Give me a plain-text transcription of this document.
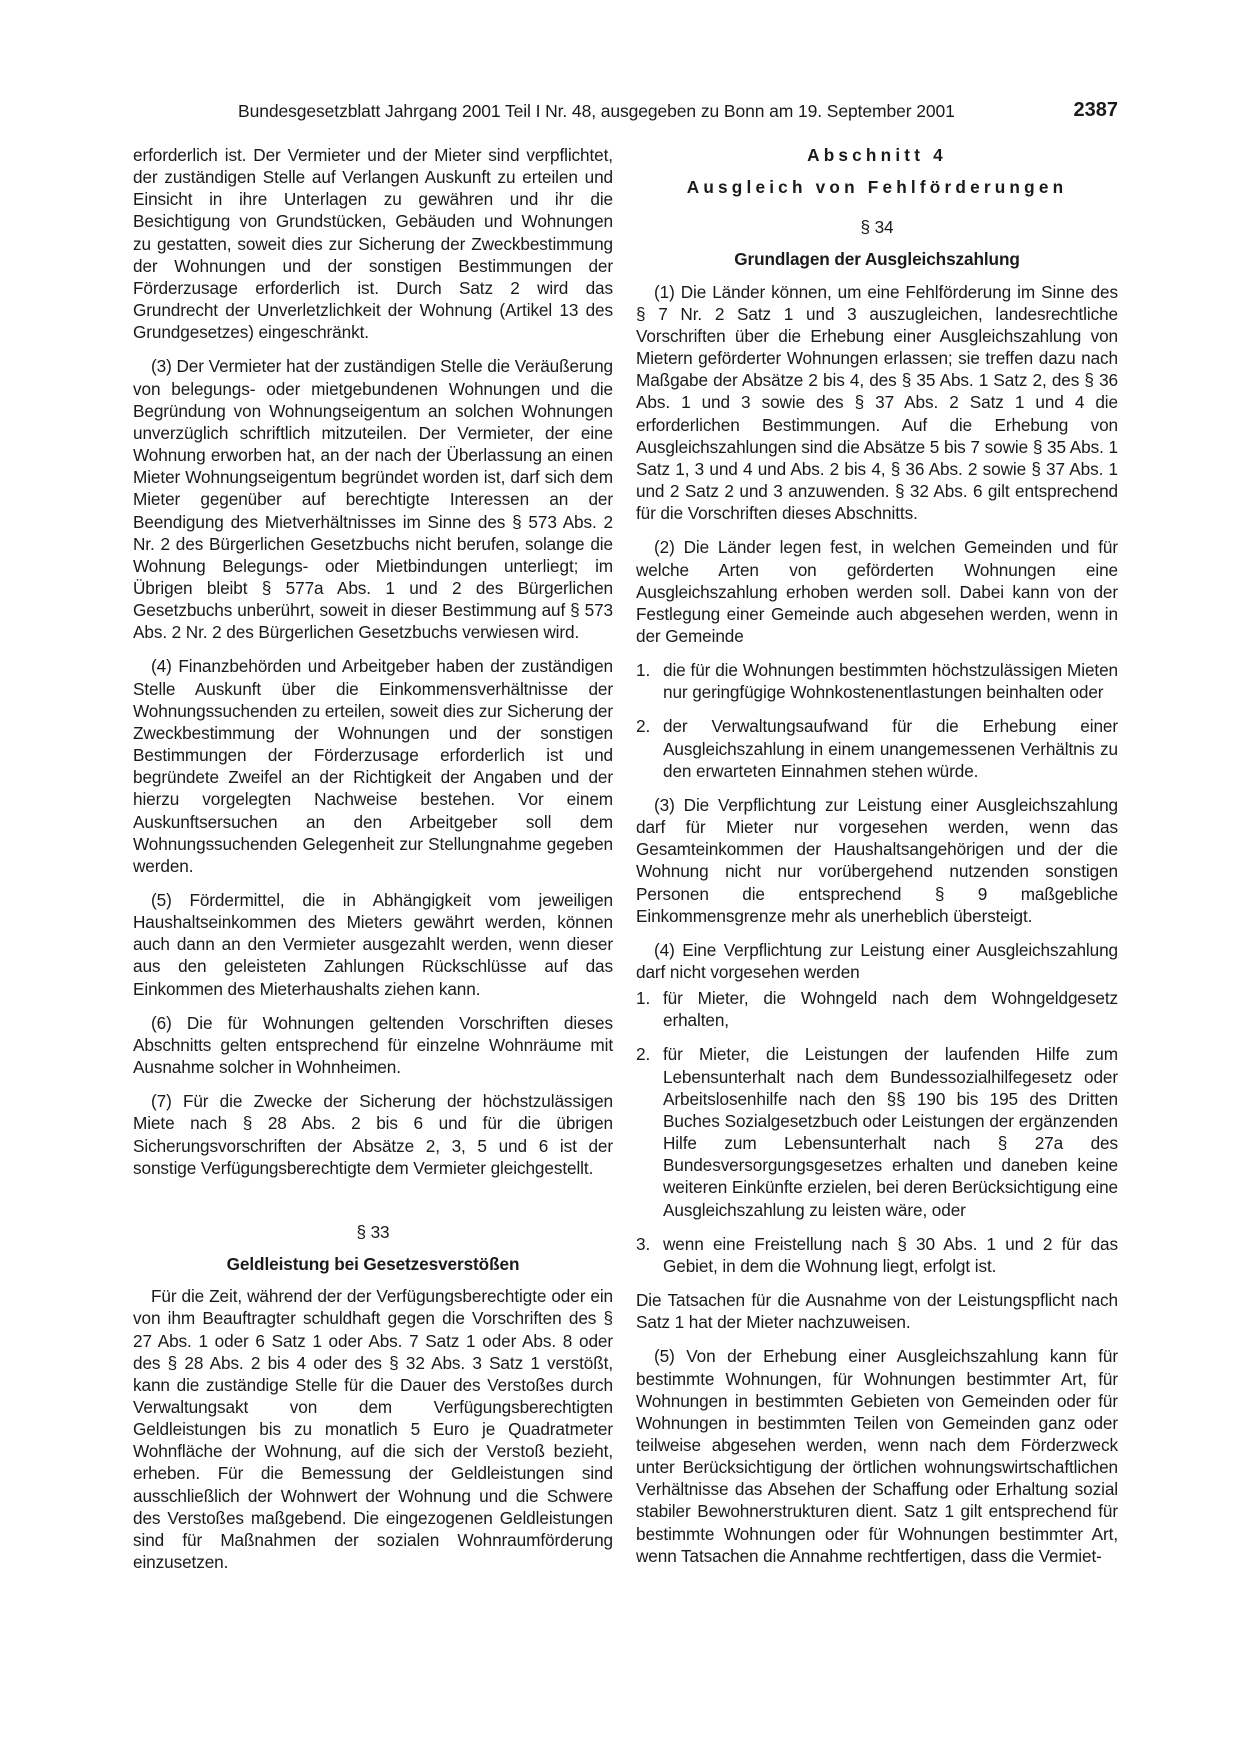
Bundesgesetzblatt Jahrgang 2001 Teil I Nr. 48, ausgegeben zu Bonn am 19. September 2001	2387

erforderlich ist. Der Vermieter und der Mieter sind verpflichtet, der zuständigen Stelle auf Verlangen Auskunft zu erteilen und Einsicht in ihre Unterlagen zu gewähren und ihr die Besichtigung von Grundstücken, Gebäuden und Wohnungen zu gestatten, soweit dies zur Sicherung der Zweckbestimmung der Wohnungen und der sonstigen Bestimmungen der Förderzusage erforderlich ist. Durch Satz 2 wird das Grundrecht der Unverletzlichkeit der Wohnung (Artikel 13 des Grundgesetzes) eingeschränkt.

(3) Der Vermieter hat der zuständigen Stelle die Veräußerung von belegungs- oder mietgebundenen Wohnungen und die Begründung von Wohnungseigentum an solchen Wohnungen unverzüglich schriftlich mitzuteilen. Der Vermieter, der eine Wohnung erworben hat, an der nach der Überlassung an einen Mieter Wohnungseigentum begründet worden ist, darf sich dem Mieter gegenüber auf berechtigte Interessen an der Beendigung des Mietverhältnisses im Sinne des § 573 Abs. 2 Nr. 2 des Bürgerlichen Gesetzbuchs nicht berufen, solange die Wohnung Belegungs- oder Mietbindungen unterliegt; im Übrigen bleibt § 577a Abs. 1 und 2 des Bürgerlichen Gesetzbuchs unberührt, soweit in dieser Bestimmung auf § 573 Abs. 2 Nr. 2 des Bürgerlichen Gesetzbuchs verwiesen wird.

(4) Finanzbehörden und Arbeitgeber haben der zuständigen Stelle Auskunft über die Einkommensverhältnisse der Wohnungssuchenden zu erteilen, soweit dies zur Sicherung der Zweckbestimmung der Wohnungen und der sonstigen Bestimmungen der Förderzusage erforderlich ist und begründete Zweifel an der Richtigkeit der Angaben und der hierzu vorgelegten Nachweise bestehen. Vor einem Auskunftsersuchen an den Arbeitgeber soll dem Wohnungssuchenden Gelegenheit zur Stellungnahme gegeben werden.

(5) Fördermittel, die in Abhängigkeit vom jeweiligen Haushaltseinkommen des Mieters gewährt werden, können auch dann an den Vermieter ausgezahlt werden, wenn dieser aus den geleisteten Zahlungen Rückschlüsse auf das Einkommen des Mieterhaushalts ziehen kann.

(6) Die für Wohnungen geltenden Vorschriften dieses Abschnitts gelten entsprechend für einzelne Wohnräume mit Ausnahme solcher in Wohnheimen.

(7) Für die Zwecke der Sicherung der höchstzulässigen Miete nach § 28 Abs. 2 bis 6 und für die übrigen Sicherungsvorschriften der Absätze 2, 3, 5 und 6 ist der sonstige Verfügungsberechtigte dem Vermieter gleichgestellt.

§ 33

Geldleistung bei Gesetzesverstößen

Für die Zeit, während der der Verfügungsberechtigte oder ein von ihm Beauftragter schuldhaft gegen die Vorschriften des § 27 Abs. 1 oder 6 Satz 1 oder Abs. 7 Satz 1 oder Abs. 8 oder des § 28 Abs. 2 bis 4 oder des § 32 Abs. 3 Satz 1 verstößt, kann die zuständige Stelle für die Dauer des Verstoßes durch Verwaltungsakt von dem Verfügungsberechtigten Geldleistungen bis zu monatlich 5 Euro je Quadratmeter Wohnfläche der Wohnung, auf die sich der Verstoß bezieht, erheben. Für die Bemessung der Geldleistungen sind ausschließlich der Wohnwert der Wohnung und die Schwere des Verstoßes maßgebend. Die eingezogenen Geldleistungen sind für Maßnahmen der sozialen Wohnraumförderung einzusetzen.

Abschnitt 4

Ausgleich von Fehlförderungen

§ 34

Grundlagen der Ausgleichszahlung

(1) Die Länder können, um eine Fehlförderung im Sinne des § 7 Nr. 2 Satz 1 und 3 auszugleichen, landesrechtliche Vorschriften über die Erhebung einer Ausgleichszahlung von Mietern geförderter Wohnungen erlassen; sie treffen dazu nach Maßgabe der Absätze 2 bis 4, des § 35 Abs. 1 Satz 2, des § 36 Abs. 1 und 3 sowie des § 37 Abs. 2 Satz 1 und 4 die erforderlichen Bestimmungen. Auf die Erhebung von Ausgleichszahlungen sind die Absätze 5 bis 7 sowie § 35 Abs. 1 Satz 1, 3 und 4 und Abs. 2 bis 4, § 36 Abs. 2 sowie § 37 Abs. 1 und 2 Satz 2 und 3 anzuwenden. § 32 Abs. 6 gilt entsprechend für die Vorschriften dieses Abschnitts.

(2) Die Länder legen fest, in welchen Gemeinden und für welche Arten von geförderten Wohnungen eine Ausgleichszahlung erhoben werden soll. Dabei kann von der Festlegung einer Gemeinde auch abgesehen werden, wenn in der Gemeinde

1. die für die Wohnungen bestimmten höchstzulässigen Mieten nur geringfügige Wohnkostenentlastungen beinhalten oder
2. der Verwaltungsaufwand für die Erhebung einer Ausgleichszahlung in einem unangemessenen Verhältnis zu den erwarteten Einnahmen stehen würde.

(3) Die Verpflichtung zur Leistung einer Ausgleichszahlung darf für Mieter nur vorgesehen werden, wenn das Gesamteinkommen der Haushaltsangehörigen und der die Wohnung nicht nur vorübergehend nutzenden sonstigen Personen die entsprechend § 9 maßgebliche Einkommensgrenze mehr als unerheblich übersteigt.

(4) Eine Verpflichtung zur Leistung einer Ausgleichszahlung darf nicht vorgesehen werden

1. für Mieter, die Wohngeld nach dem Wohngeldgesetz erhalten,
2. für Mieter, die Leistungen der laufenden Hilfe zum Lebensunterhalt nach dem Bundessozialhilfegesetz oder Arbeitslosenhilfe nach den §§ 190 bis 195 des Dritten Buches Sozialgesetzbuch oder Leistungen der ergänzenden Hilfe zum Lebensunterhalt nach § 27a des Bundesversorgungsgesetzes erhalten und daneben keine weiteren Einkünfte erzielen, bei deren Berücksichtigung eine Ausgleichszahlung zu leisten wäre, oder
3. wenn eine Freistellung nach § 30 Abs. 1 und 2 für das Gebiet, in dem die Wohnung liegt, erfolgt ist.

Die Tatsachen für die Ausnahme von der Leistungspflicht nach Satz 1 hat der Mieter nachzuweisen.

(5) Von der Erhebung einer Ausgleichszahlung kann für bestimmte Wohnungen, für Wohnungen bestimmter Art, für Wohnungen in bestimmten Gebieten von Gemeinden oder für Wohnungen in bestimmten Teilen von Gemeinden ganz oder teilweise abgesehen werden, wenn nach dem Förderzweck unter Berücksichtigung der örtlichen wohnungswirtschaftlichen Verhältnisse das Absehen der Schaffung oder Erhaltung sozial stabiler Bewohnerstrukturen dient. Satz 1 gilt entsprechend für bestimmte Wohnungen oder für Wohnungen bestimmter Art, wenn Tatsachen die Annahme rechtfertigen, dass die Vermiet-
